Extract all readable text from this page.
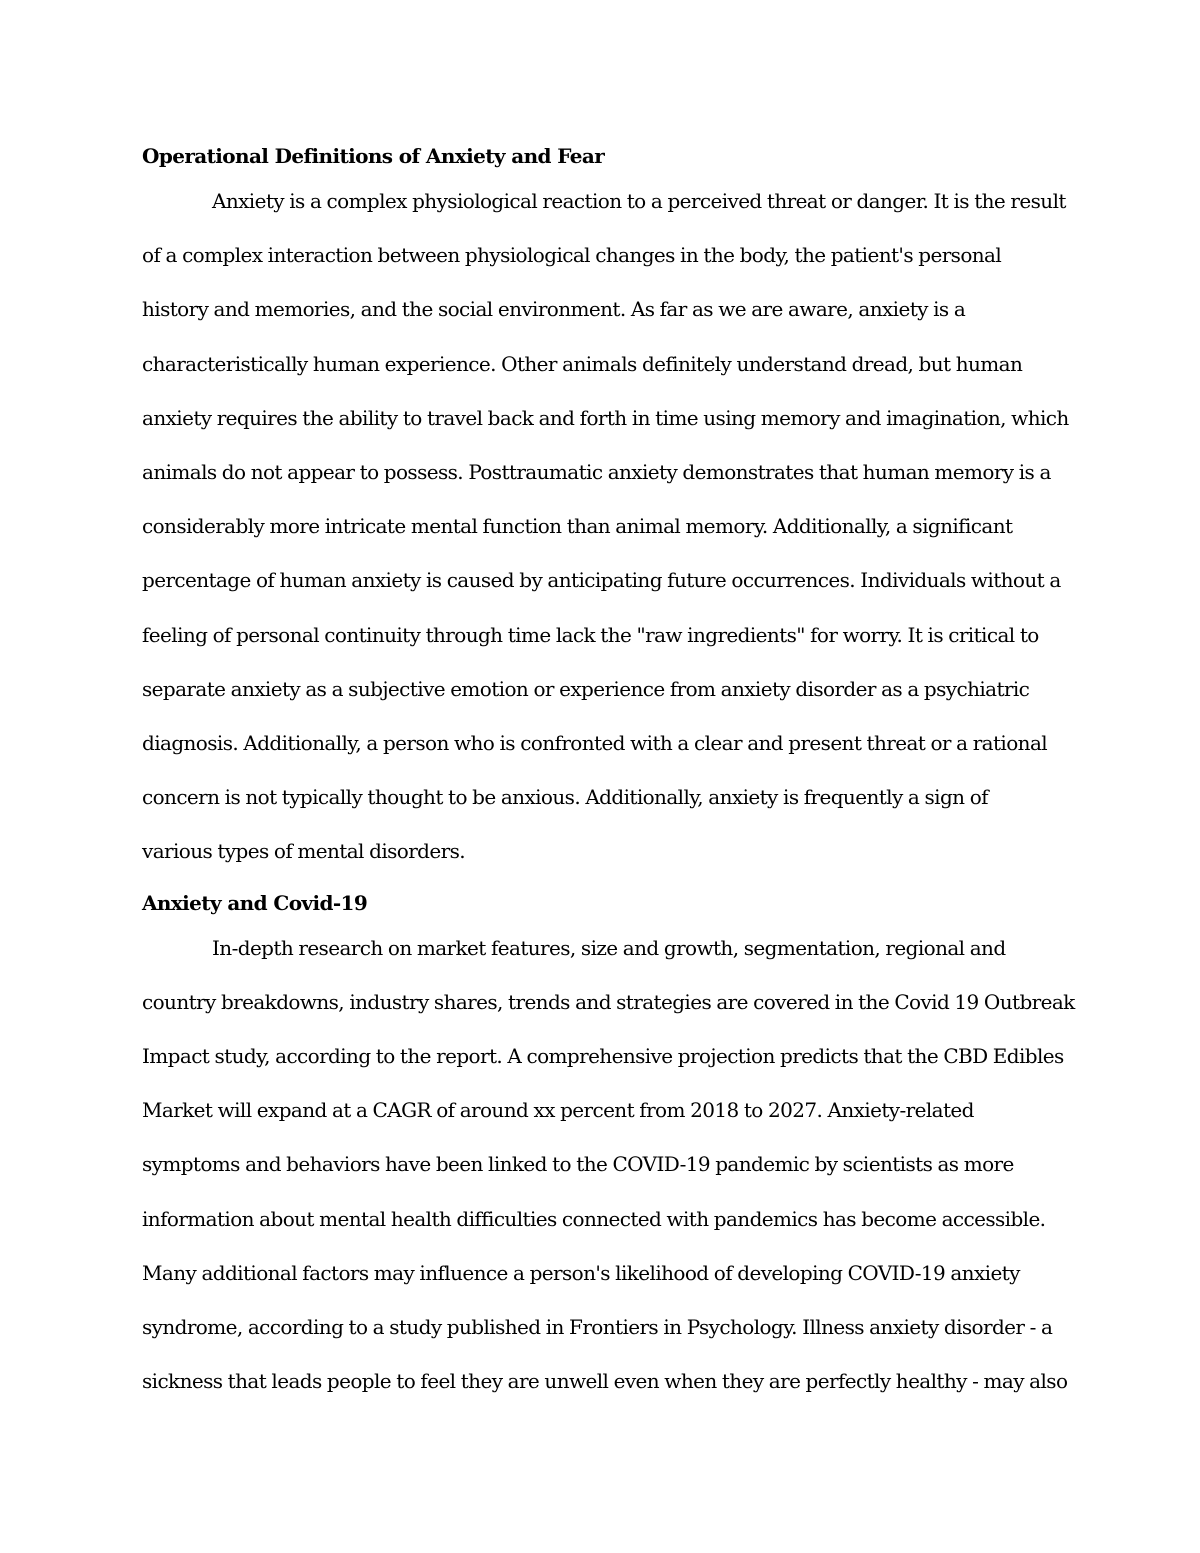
Operational Definitions of Anxiety and Fear
Anxiety is a complex physiological reaction to a perceived threat or danger. It is the result
of a complex interaction between physiological changes in the body, the patient's personal
history and memories, and the social environment. As far as we are aware, anxiety is a
characteristically human experience. Other animals definitely understand dread, but human
anxiety requires the ability to travel back and forth in time using memory and imagination, which
animals do not appear to possess. Posttraumatic anxiety demonstrates that human memory is a
considerably more intricate mental function than animal memory. Additionally, a significant
percentage of human anxiety is caused by anticipating future occurrences. Individuals without a
feeling of personal continuity through time lack the "raw ingredients" for worry. It is critical to
separate anxiety as a subjective emotion or experience from anxiety disorder as a psychiatric
diagnosis. Additionally, a person who is confronted with a clear and present threat or a rational
concern is not typically thought to be anxious. Additionally, anxiety is frequently a sign of
various types of mental disorders.
Anxiety and Covid-19
In-depth research on market features, size and growth, segmentation, regional and
country breakdowns, industry shares, trends and strategies are covered in the Covid 19 Outbreak
Impact study, according to the report. A comprehensive projection predicts that the CBD Edibles
Market will expand at a CAGR of around xx percent from 2018 to 2027. Anxiety-related
symptoms and behaviors have been linked to the COVID-19 pandemic by scientists as more
information about mental health difficulties connected with pandemics has become accessible.
Many additional factors may influence a person's likelihood of developing COVID-19 anxiety
syndrome, according to a study published in Frontiers in Psychology. Illness anxiety disorder - a
sickness that leads people to feel they are unwell even when they are perfectly healthy - may also
